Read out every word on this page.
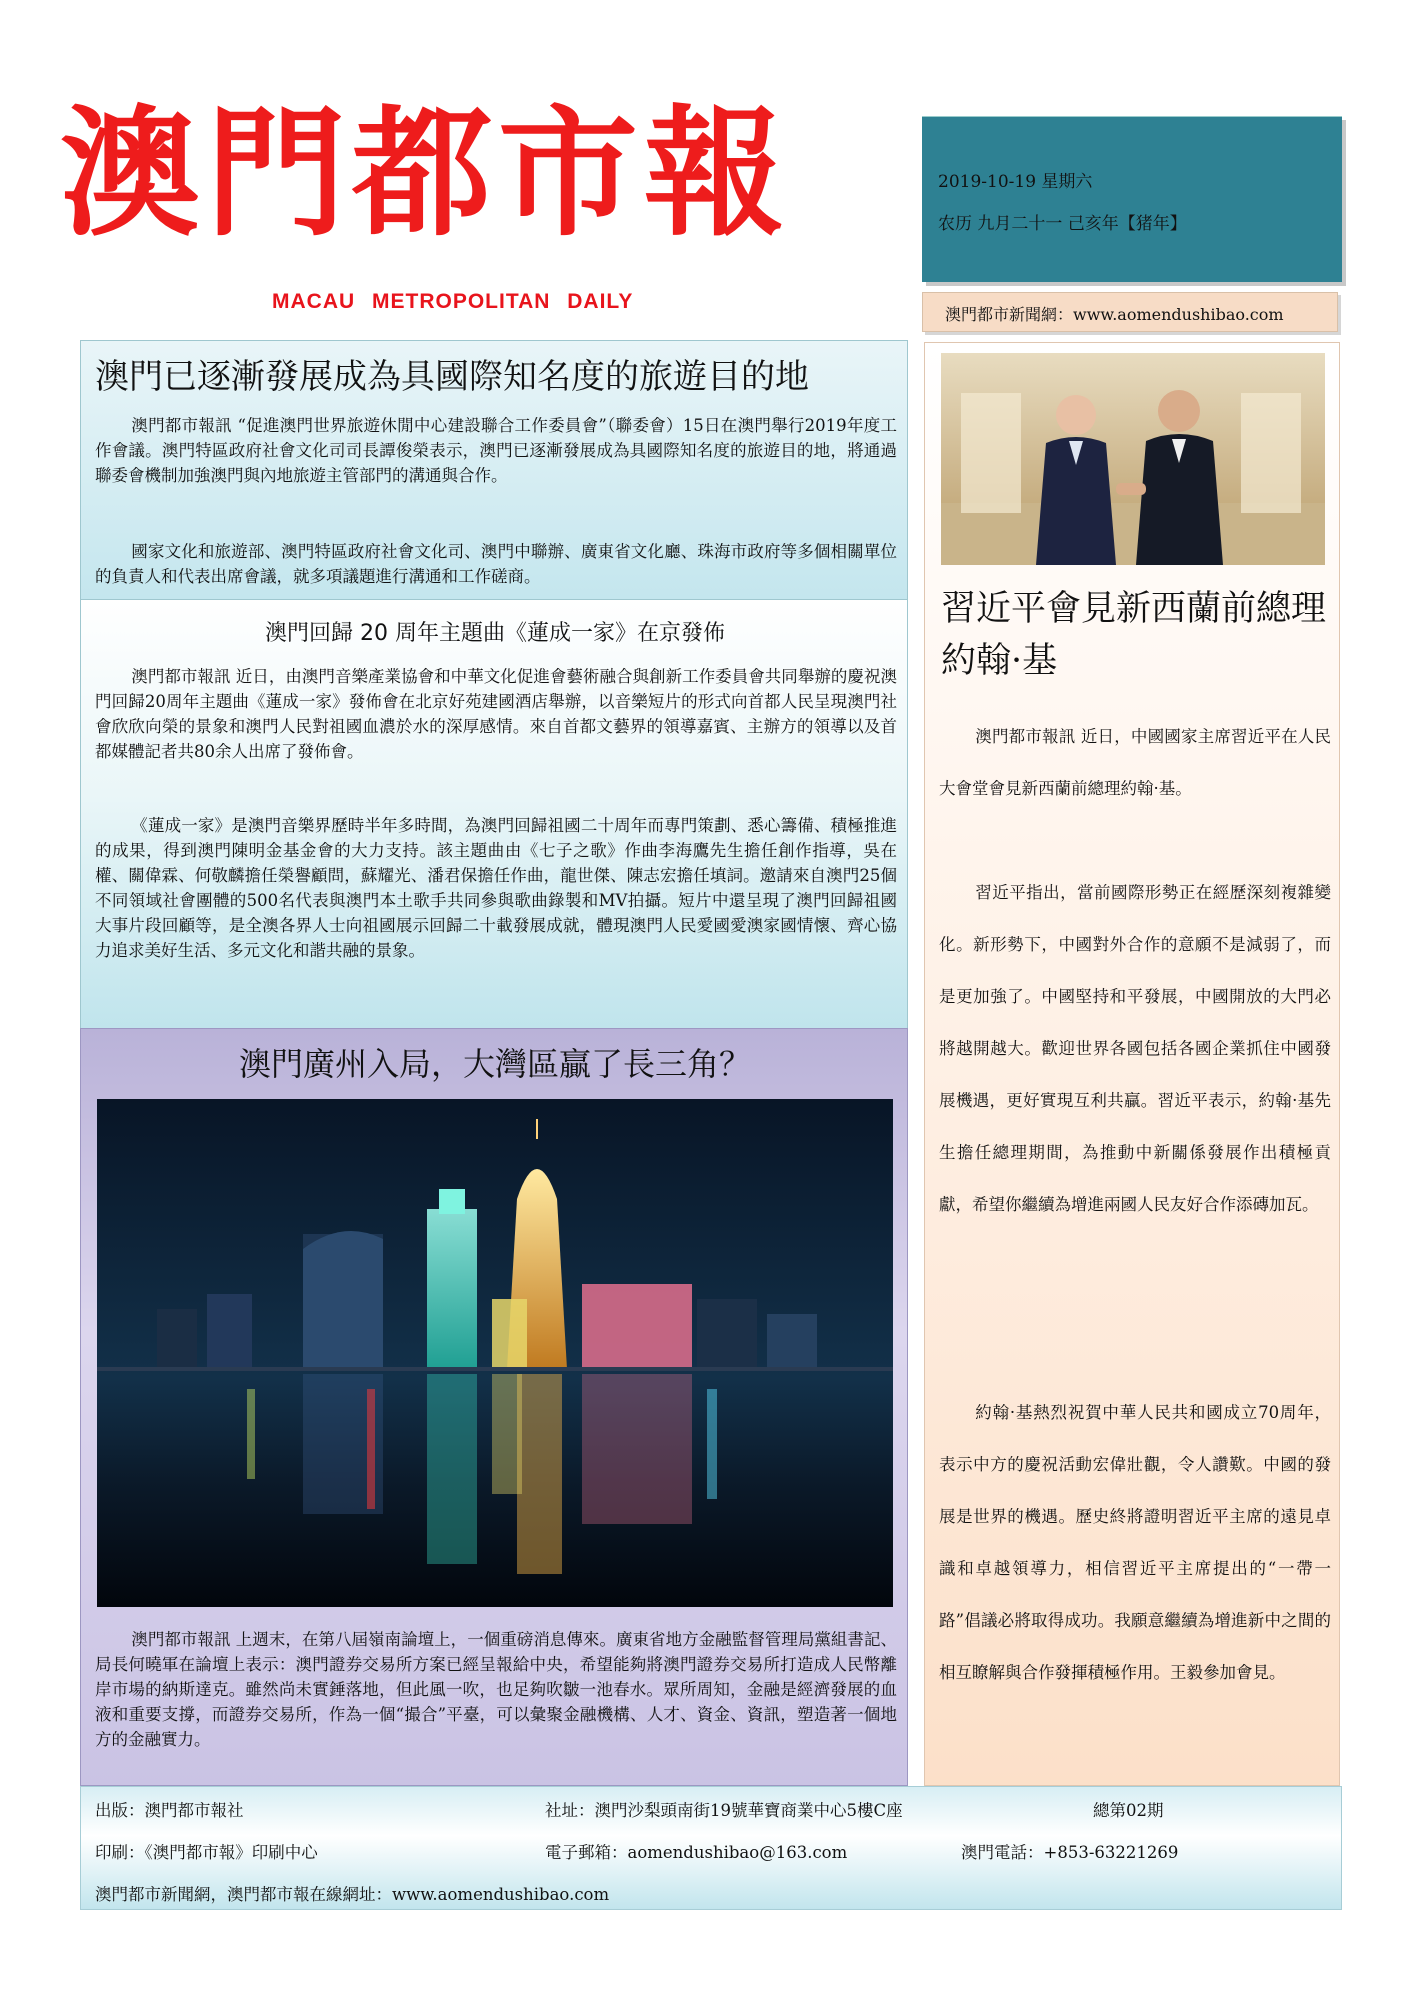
澳門都市報
MACAU METROPOLITAN DAILY
2019-10-19 星期六
农历 九月二十一 己亥年【猪年】
澳門都市新聞網：www.aomendushibao.com
澳門已逐漸發展成為具國際知名度的旅遊目的地

澳門都市報訊 “促進澳門世界旅遊休閒中心建設聯合工作委員會”（聯委會）15日在澳門舉行2019年度工作會議。澳門特區政府社會文化司司長譚俊榮表示，澳門已逐漸發展成為具國際知名度的旅遊目的地，將通過聯委會機制加強澳門與內地旅遊主管部門的溝通與合作。

國家文化和旅遊部、澳門特區政府社會文化司、澳門中聯辦、廣東省文化廳、珠海市政府等多個相關單位的負責人和代表出席會議，就多項議題進行溝通和工作磋商。

澳門回歸 20 周年主題曲《蓮成一家》在京發佈

澳門都市報訊 近日，由澳門音樂產業協會和中華文化促進會藝術融合與創新工作委員會共同舉辦的慶祝澳門回歸20周年主題曲《蓮成一家》發佈會在北京好苑建國酒店舉辦，以音樂短片的形式向首都人民呈現澳門社會欣欣向榮的景象和澳門人民對祖國血濃於水的深厚感情。來自首都文藝界的領導嘉賓、主辦方的領導以及首都媒體記者共80余人出席了發佈會。

《蓮成一家》是澳門音樂界歷時半年多時間，為澳門回歸祖國二十周年而專門策劃、悉心籌備、積極推進的成果，得到澳門陳明金基金會的大力支持。該主題曲由《七子之歌》作曲李海鷹先生擔任創作指導，吳在權、關偉霖、何敬麟擔任榮譽顧問，蘇耀光、潘君保擔任作曲，龍世傑、陳志宏擔任填詞。邀請來自澳門25個不同領域社會團體的500名代表與澳門本土歌手共同參與歌曲錄製和MV拍攝。短片中還呈現了澳門回歸祖國大事片段回顧等，是全澳各界人士向祖國展示回歸二十載發展成就，體現澳門人民愛國愛澳家國情懷、齊心協力追求美好生活、多元文化和諧共融的景象。

澳門廣州入局，大灣區贏了長三角？

澳門都市報訊 上週末，在第八屆嶺南論壇上，一個重磅消息傳來。廣東省地方金融監督管理局黨組書記、局長何曉軍在論壇上表示：澳門證券交易所方案已經呈報給中央，希望能夠將澳門證券交易所打造成人民幣離岸市場的納斯達克。雖然尚未實錘落地，但此風一吹，也足夠吹皺一池春水。眾所周知，金融是經濟發展的血液和重要支撐，而證券交易所，作為一個“撮合”平臺，可以彙聚金融機構、人才、資金、資訊，塑造著一個地方的金融實力。

習近平會見新西蘭前總理約翰·基

澳門都市報訊 近日，中國國家主席習近平在人民大會堂會見新西蘭前總理約翰·基。

習近平指出，當前國際形勢正在經歷深刻複雜變化。新形勢下，中國對外合作的意願不是減弱了，而是更加強了。中國堅持和平發展，中國開放的大門必將越開越大。歡迎世界各國包括各國企業抓住中國發展機遇，更好實現互利共贏。習近平表示，約翰·基先生擔任總理期間，為推動中新關係發展作出積極貢獻，希望你繼續為增進兩國人民友好合作添磚加瓦。

約翰·基熱烈祝賀中華人民共和國成立70周年，表示中方的慶祝活動宏偉壯觀，令人讚歎。中國的發展是世界的機遇。歷史終將證明習近平主席的遠見卓識和卓越領導力，相信習近平主席提出的“一帶一路”倡議必將取得成功。我願意繼續為增進新中之間的相互瞭解與合作發揮積極作用。王毅參加會見。

出版：澳門都市報社	社址：澳門沙梨頭南街19號華寶商業中心5樓C座	總第02期
印刷：《澳門都市報》印刷中心	電子郵箱：aomendushibao@163.com	澳門電話：+853-63221269
澳門都市新聞網，澳門都市報在線網址：www.aomendushibao.com
